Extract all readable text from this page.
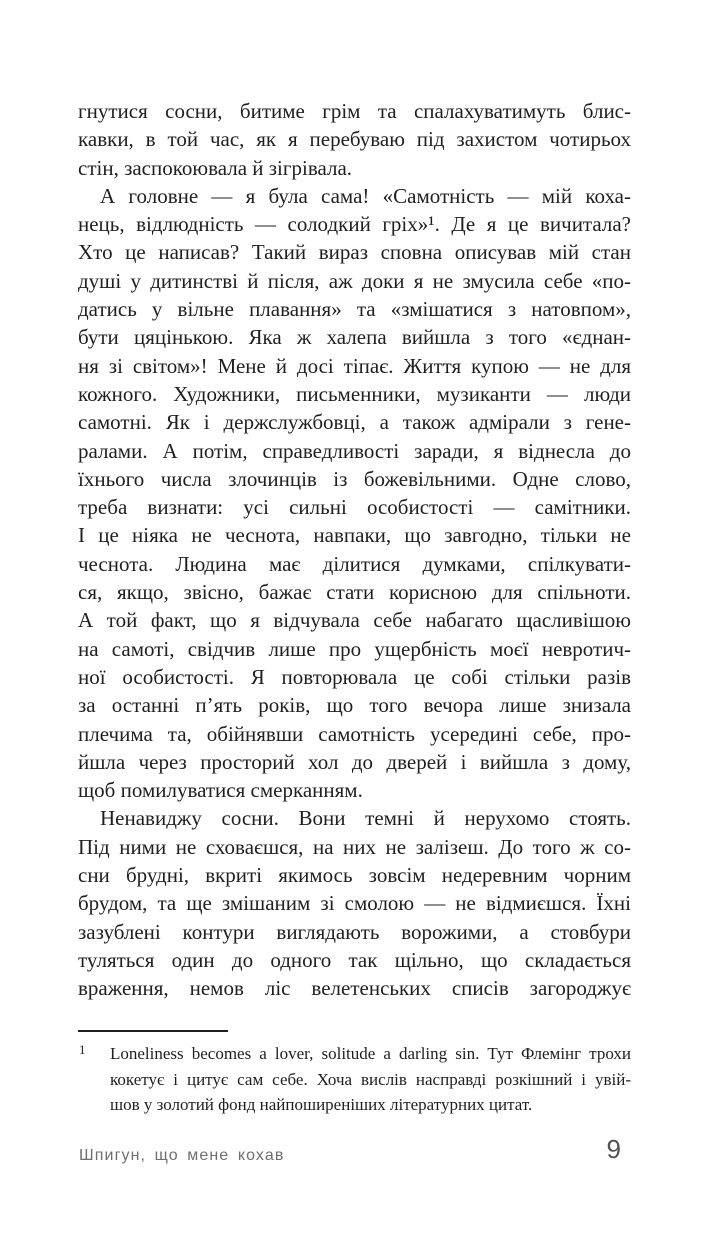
гнутися сосни, битиме грім та спалахуватимуть блис-
кавки, в той час, як я перебуваю під захистом чотирьох
стін, заспокоювала й зігрівала.
А головне — я була сама! «Самотність — мій коха-
нець, відлюдність — солодкий гріх»¹. Де я це вичитала?
Хто це написав? Такий вираз сповна описував мій стан
душі у дитинстві й після, аж доки я не змусила себе «по-
датись у вільне плавання» та «змішатися з натовпом»,
бути цяцінькою. Яка ж халепа вийшла з того «єднан-
ня зі світом»! Мене й досі тіпає. Життя купою — не для
кожного. Художники, письменники, музиканти — люди
самотні. Як і держслужбовці, а також адмірали з гене-
ралами. А потім, справедливості заради, я віднесла до
їхнього числа злочинців із божевільними. Одне слово,
треба визнати: усі сильні особистості — самітники.
І це ніяка не чеснота, навпаки, що завгодно, тільки не
чеснота. Людина має ділитися думками, спілкувати-
ся, якщо, звісно, бажає стати корисною для спільноти.
А той факт, що я відчувала себе набагато щасливішою
на самоті, свідчив лише про ущербність моєї невротич-
ної особистості. Я повторювала це собі стільки разів
за останні п’ять років, що того вечора лише знизала
плечима та, обійнявши самотність усередині себе, про-
йшла через просторий хол до дверей і вийшла з дому,
щоб помилуватися смерканням.
Ненавиджу сосни. Вони темні й нерухомо стоять.
Під ними не сховаєшся, на них не залізеш. До того ж со-
сни брудні, вкриті якимось зовсім недеревним чорним
брудом, та ще змішаним зі смолою — не відмиєшся. Їхні
зазублені контури виглядають ворожими, а стовбури
туляться один до одного так щільно, що складається
враження, немов ліс велетенських списів загороджує
1 Loneliness becomes a lover, solitude a darling sin. Тут Флемінг трохи
кокетує і цитує сам себе. Хоча вислів насправді розкішний і увій-
шов у золотий фонд найпоширеніших літературних цитат.
Шпигун, що мене кохав	9
